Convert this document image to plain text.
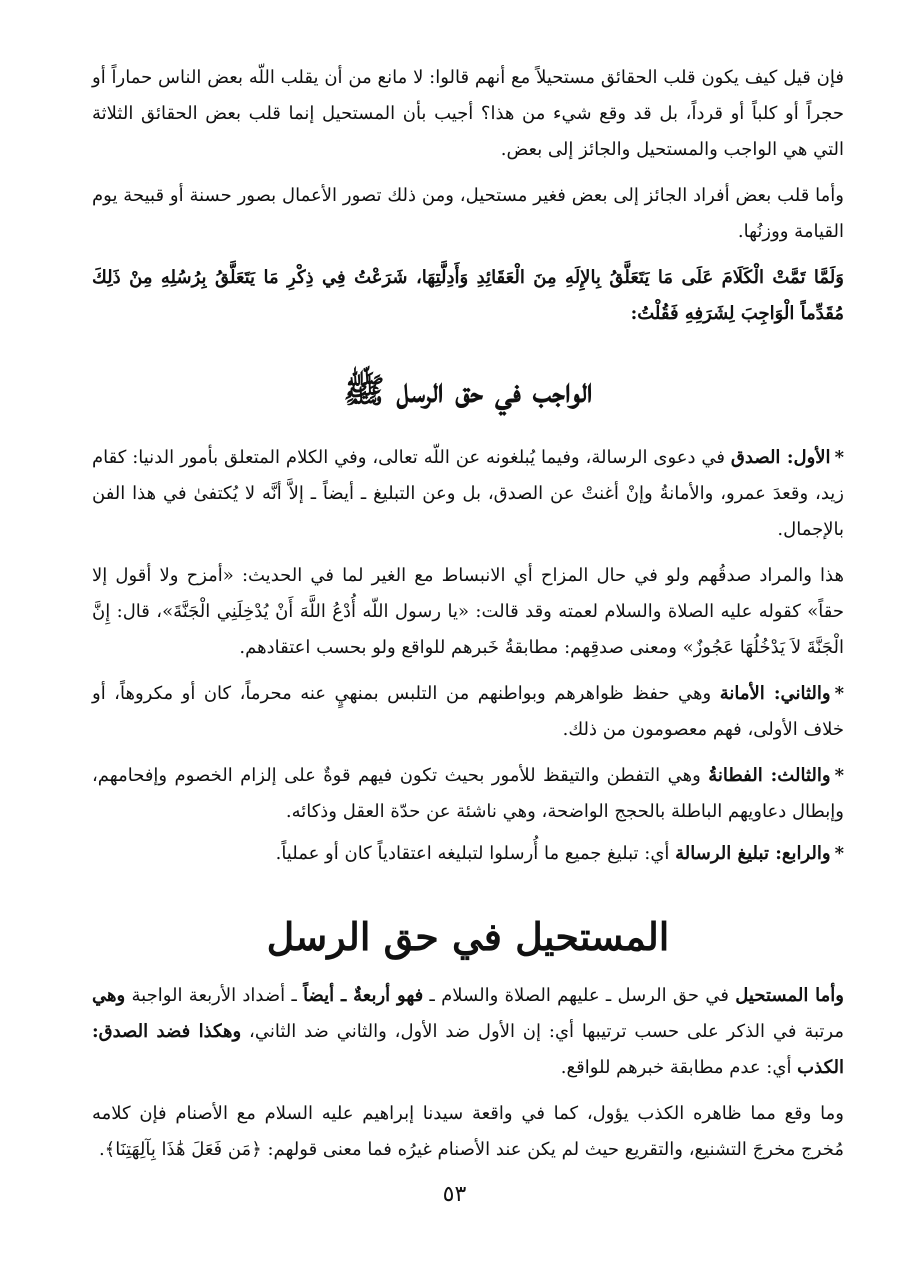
فإن قيل كيف يكون قلب الحقائق مستحيلاً مع أنهم قالوا: لا مانع من أن يقلب اللّه بعض الناس حماراً أو حجراً أو كلباً أو قرداً، بل قد وقع شيء من هذا؟ أجيب بأن المستحيل إنما قلب بعض الحقائق الثلاثة التي هي الواجب والمستحيل والجائز إلى بعض.

وأما قلب بعض أفراد الجائز إلى بعض فغير مستحيل، ومن ذلك تصور الأعمال بصور حسنة أو قبيحة يوم القيامة ووزنُها.

وَلَمَّا تَمَّتْ الْكَلَامَ عَلَى مَا يَتَعَلَّقُ بِالإِلَهِ مِنَ الْعَقَائِدِ وَأَدِلَّتِهَا، شَرَعْتُ فِي ذِكْرِ مَا يَتَعَلَّقُ بِرُسُلِهِ مِنْ ذَلِكَ مُقَدِّماً الْوَاجِبَ لِشَرَفِهِ فَقُلْتُ:

الواجب في حق الرسل ﷺ

*الأول: الصدق في دعوى الرسالة، وفيما يُبلغونه عن اللّه تعالى، وفي الكلام المتعلق بأمور الدنيا: كقام زيد، وقعدَ عمرو، والأمانةُ وإنْ أغنتْ عن الصدق، بل وعن التبليغ ـ أيضاً ـ إلاَّ أنَّه لا يُكتفىٰ في هذا الفن بالإجمال.

هذا والمراد صدقُهم ولو في حال المزاح أي الانبساط مع الغير لما في الحديث: «أمزح ولا أقول إلا حقاً» كقوله عليه الصلاة والسلام لعمته وقد قالت: «يا رسول اللّه أُدْعُ اللَّهَ أَنْ يُدْخِلَنِي الْجَنَّةَ»، قال: إِنَّ الْجَنَّةَ لاَ يَدْخُلُهَا عَجُوزٌ» ومعنى صدقِهم: مطابقةُ خَبرهم للواقع ولو بحسب اعتقادهم.

*والثاني: الأمانة وهي حفظ ظواهرهم وبواطنهم من التلبس بمنهيٍ عنه محرماً، كان أو مكروهاً، أو خلاف الأولى، فهم معصومون من ذلك.

*والثالث: الفطانةُ وهي التفطن والتيقظ للأمور بحيث تكون فيهم قوةٌ على إلزام الخصوم وإفحامهم، وإبطال دعاويهم الباطلة بالحجج الواضحة، وهي ناشئة عن حدّة العقل وذكائه.

*والرابع: تبليغ الرسالة أي: تبليغ جميع ما أُرسلوا لتبليغه اعتقادياً كان أو عملياً.

المستحيل في حق الرسل

وأما المستحيل في حق الرسل ـ عليهم الصلاة والسلام ـ فهو أربعةٌ ـ أيضاً ـ أضداد الأربعة الواجبة وهي مرتبة في الذكر على حسب ترتيبها أي: إن الأول ضد الأول، والثاني ضد الثاني، وهكذا فضد الصدق: الكذب أي: عدم مطابقة خبرهم للواقع.

وما وقع مما ظاهره الكذب يؤول، كما في واقعة سيدنا إبراهيم عليه السلام مع الأصنام فإن كلامه مُخرج مخرجَ التشنيع، والتقريع حيث لم يكن عند الأصنام غيرُه فما معنى قولهم: ﴿مَن فَعَلَ هَٰذَا بِآلِهَتِنَا﴾.

٥٣
